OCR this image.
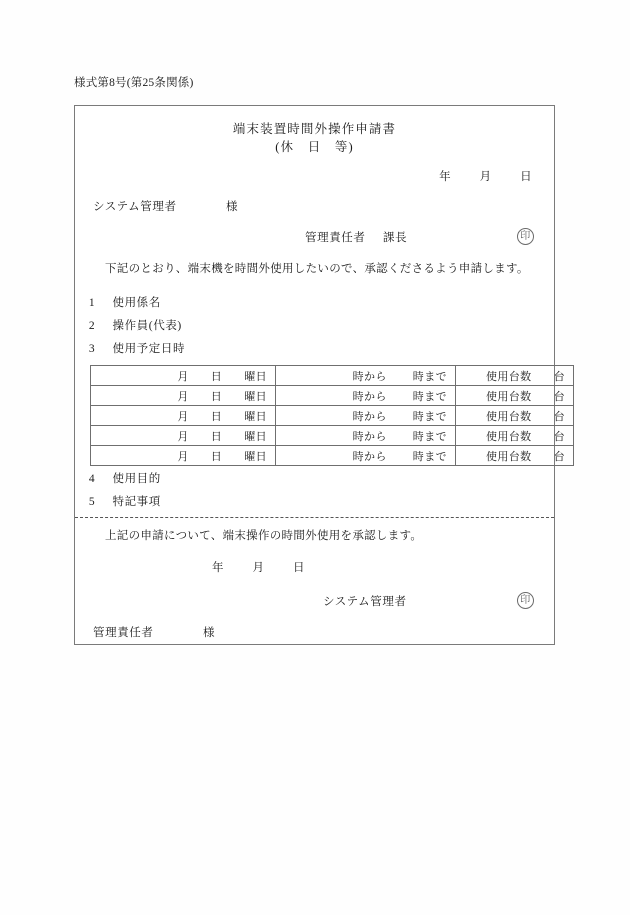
様式第8号(第25条関係)
端末装置時間外操作申請書
(休　日　等)
年 月 日
システム管理者	様
管理責任者 課長	印
下記のとおり、端末機を時間外使用したいので、承認くださるよう申請します。
1 使用係名
2 操作員(代表)
3 使用予定日時
月 日 曜日	時から 時まで	使用台数 台
月 日 曜日	時から 時まで	使用台数 台
月 日 曜日	時から 時まで	使用台数 台
月 日 曜日	時から 時まで	使用台数 台
月 日 曜日	時から 時まで	使用台数 台
4 使用目的
5 特記事項
上記の申請について、端末操作の時間外使用を承認します。
年 月 日
システム管理者	印
管理責任者	様
